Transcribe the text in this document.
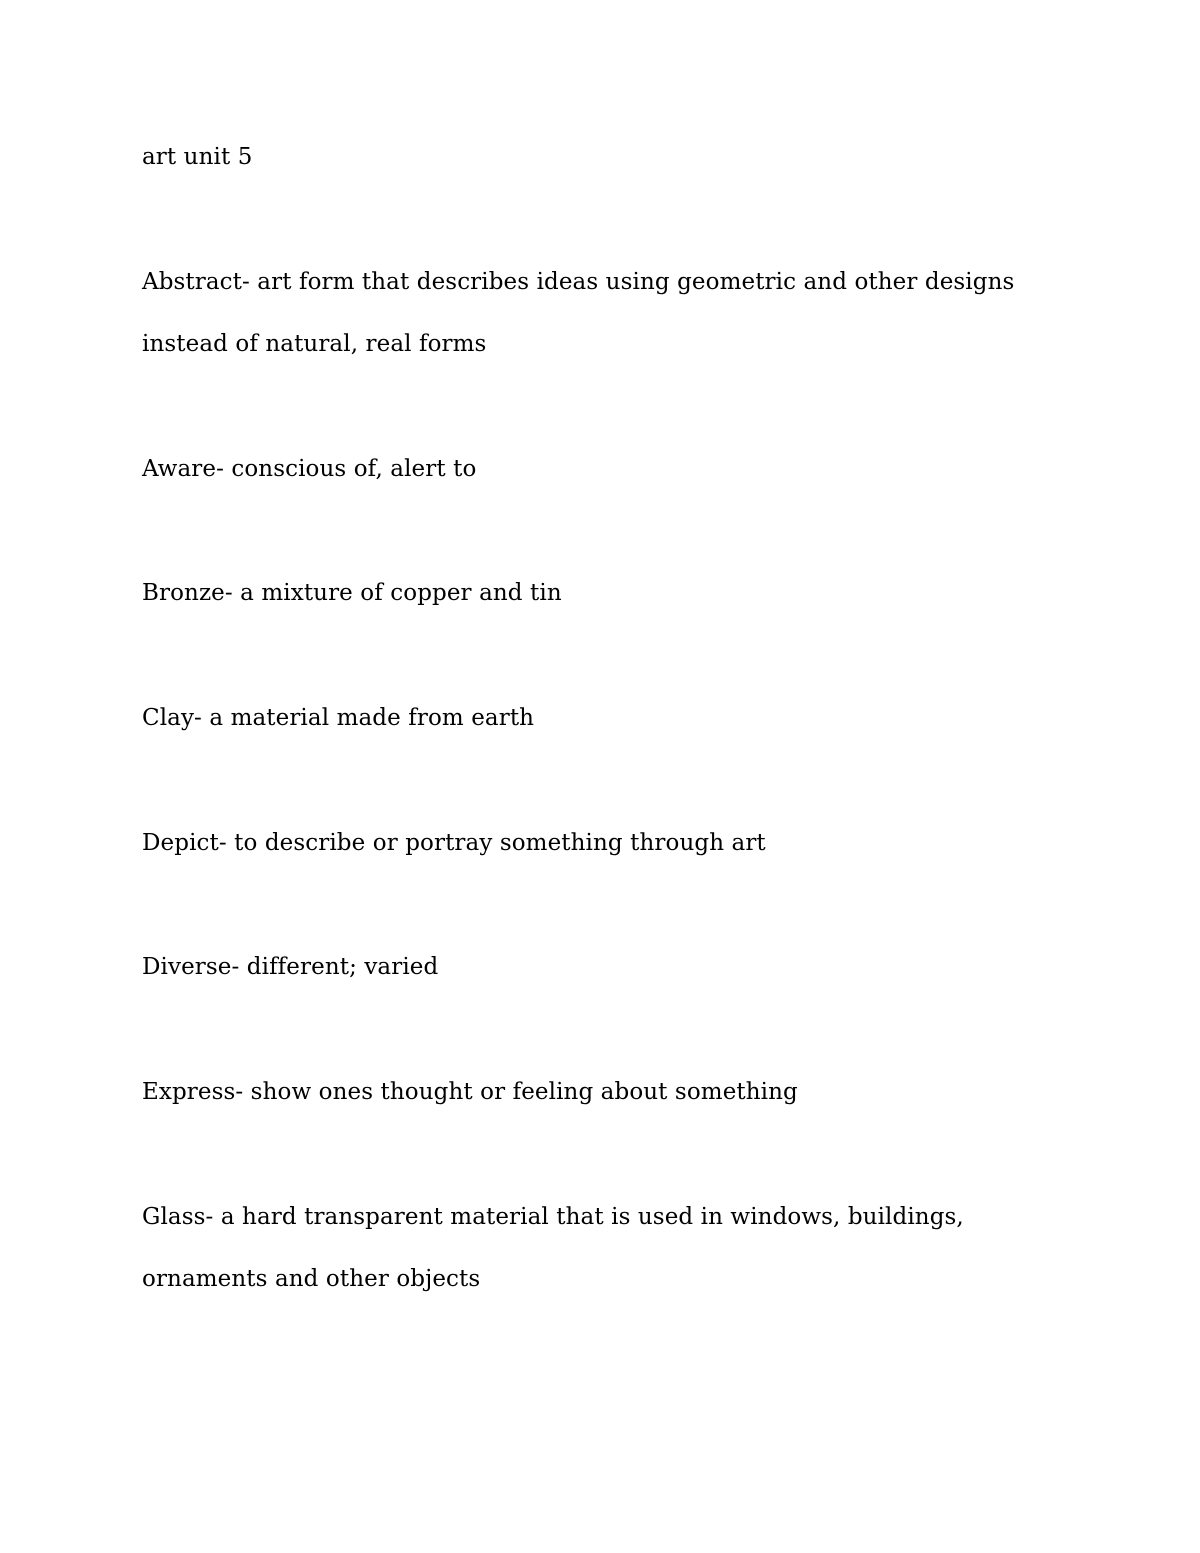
art unit 5

Abstract- art form that describes ideas using geometric and other designs

instead of natural, real forms

Aware- conscious of, alert to

Bronze- a mixture of copper and tin

Clay- a material made from earth

Depict- to describe or portray something through art

Diverse- different; varied

Express- show ones thought or feeling about something

Glass- a hard transparent material that is used in windows, buildings,

ornaments and other objects
